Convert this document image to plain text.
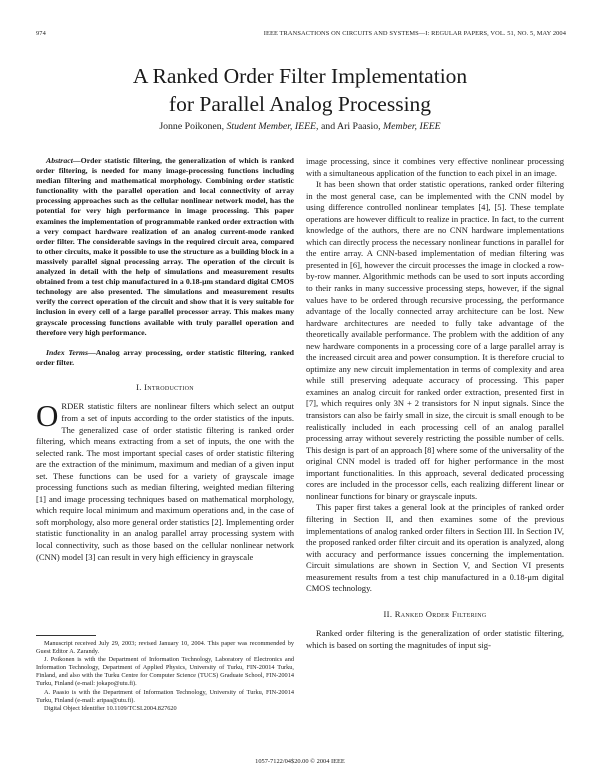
974	IEEE TRANSACTIONS ON CIRCUITS AND SYSTEMS—I: REGULAR PAPERS, VOL. 51, NO. 5, MAY 2004
A Ranked Order Filter Implementation
for Parallel Analog Processing
Jonne Poikonen, Student Member, IEEE, and Ari Paasio, Member, IEEE

Abstract—Order statistic filtering, the generalization of which is ranked order filtering, is needed for many image-processing functions including median filtering and mathematical morphology. Combining order statistic functionality with the parallel operation and local connectivity of array processing approaches such as the cellular nonlinear network model, has the potential for very high performance in image processing. This paper examines the implementation of programmable ranked order extraction with a very compact hardware realization of an analog current-mode ranked order filter. The considerable savings in the required circuit area, compared to other circuits, make it possible to use the structure as a building block in a massively parallel signal processing array. The operation of the circuit is analyzed in detail with the help of simulations and measurement results obtained from a test chip manufactured in a 0.18-μm standard digital CMOS technology are also presented. The simulations and measurement results verify the correct operation of the circuit and show that it is very suitable for inclusion in every cell of a large parallel processor array. This makes many grayscale processing functions available with truly parallel operation and therefore very high performance.

Index Terms—Analog array processing, order statistic filtering, ranked order filter.

I. Introduction

ORDER statistic filters are nonlinear filters which select an output from a set of inputs according to the order statistics of the inputs. The generalized case of order statistic filtering is ranked order filtering, which means extracting from a set of inputs, the one with the selected rank. The most important special cases of order statistic filtering are the extraction of the minimum, maximum and median of a given input set. These functions can be used for a variety of grayscale image processing functions such as median filtering, weighted median filtering [1] and image processing techniques based on mathematical morphology, which require local minimum and maximum operations and, in the case of soft morphology, also more general order statistics [2]. Implementing order statistic functionality in an analog parallel array processing system with local connectivity, such as those based on the cellular nonlinear network (CNN) model [3] can result in very high efficiency in grayscale

image processing, since it combines very effective nonlinear processing with a simultaneous application of the function to each pixel in an image.

It has been shown that order statistic operations, ranked order filtering in the most general case, can be implemented with the CNN model by using difference controlled nonlinear templates [4], [5]. These template operations are however difficult to realize in practice. In fact, to the current knowledge of the authors, there are no CNN hardware implementations which can directly process the necessary nonlinear functions in parallel for the entire array. A CNN-based implementation of median filtering was presented in [6], however the circuit processes the image in clocked a row-by-row manner. Algorithmic methods can be used to sort inputs according to their ranks in many successive processing steps, however, if the signal values have to be ordered through recursive processing, the performance advantage of the locally connected array architecture can be lost. New hardware architectures are needed to fully take advantage of the theoretically available performance. The problem with the addition of any new hardware components in a processing core of a large parallel array is the increased circuit area and power consumption. It is therefore crucial to optimize any new circuit implementation in terms of complexity and area while still preserving adequate accuracy of processing. This paper examines an analog circuit for ranked order extraction, presented first in [7], which requires only 3N + 2 transistors for N input signals. Since the transistors can also be fairly small in size, the circuit is small enough to be realistically included in each processing cell of an analog parallel processing array without severely restricting the possible number of cells. This design is part of an approach [8] where some of the universality of the original CNN model is traded off for higher performance in the most important functionalities. In this approach, several dedicated processing cores are included in the processor cells, each realizing different linear or nonlinear functions for binary or grayscale inputs.

This paper first takes a general look at the principles of ranked order filtering in Section II, and then examines some of the previous implementations of analog ranked order filters in Section III. In Section IV, the proposed ranked order filter circuit and its operation is analyzed, along with accuracy and performance issues concerning the implementation. Circuit simulations are shown in Section V, and Section VI presents measurement results from a test chip manufactured in a 0.18-μm digital CMOS technology.

II. Ranked Order Filtering

Ranked order filtering is the generalization of order statistic filtering, which is based on sorting the magnitudes of input sig-

Manuscript received July 29, 2003; revised January 10, 2004. This paper was recommended by Guest Editor A. Zarandy.

J. Poikonen is with the Department of Information Technology, Laboratory of Electronics and Information Technology, Department of Applied Physics, University of Turku, FIN-20014 Turku, Finland, and also with the Turku Centre for Computer Science (TUCS) Graduate School, FIN-20014 Turku, Finland (e-mail: jokapo@utu.fi).

A. Paasio is with the Department of Information Technology, University of Turku, FIN-20014 Turku, Finland (e-mail: aripaa@utu.fi).

Digital Object Identifier 10.1109/TCSI.2004.827620

1057-7122/04$20.00 © 2004 IEEE
